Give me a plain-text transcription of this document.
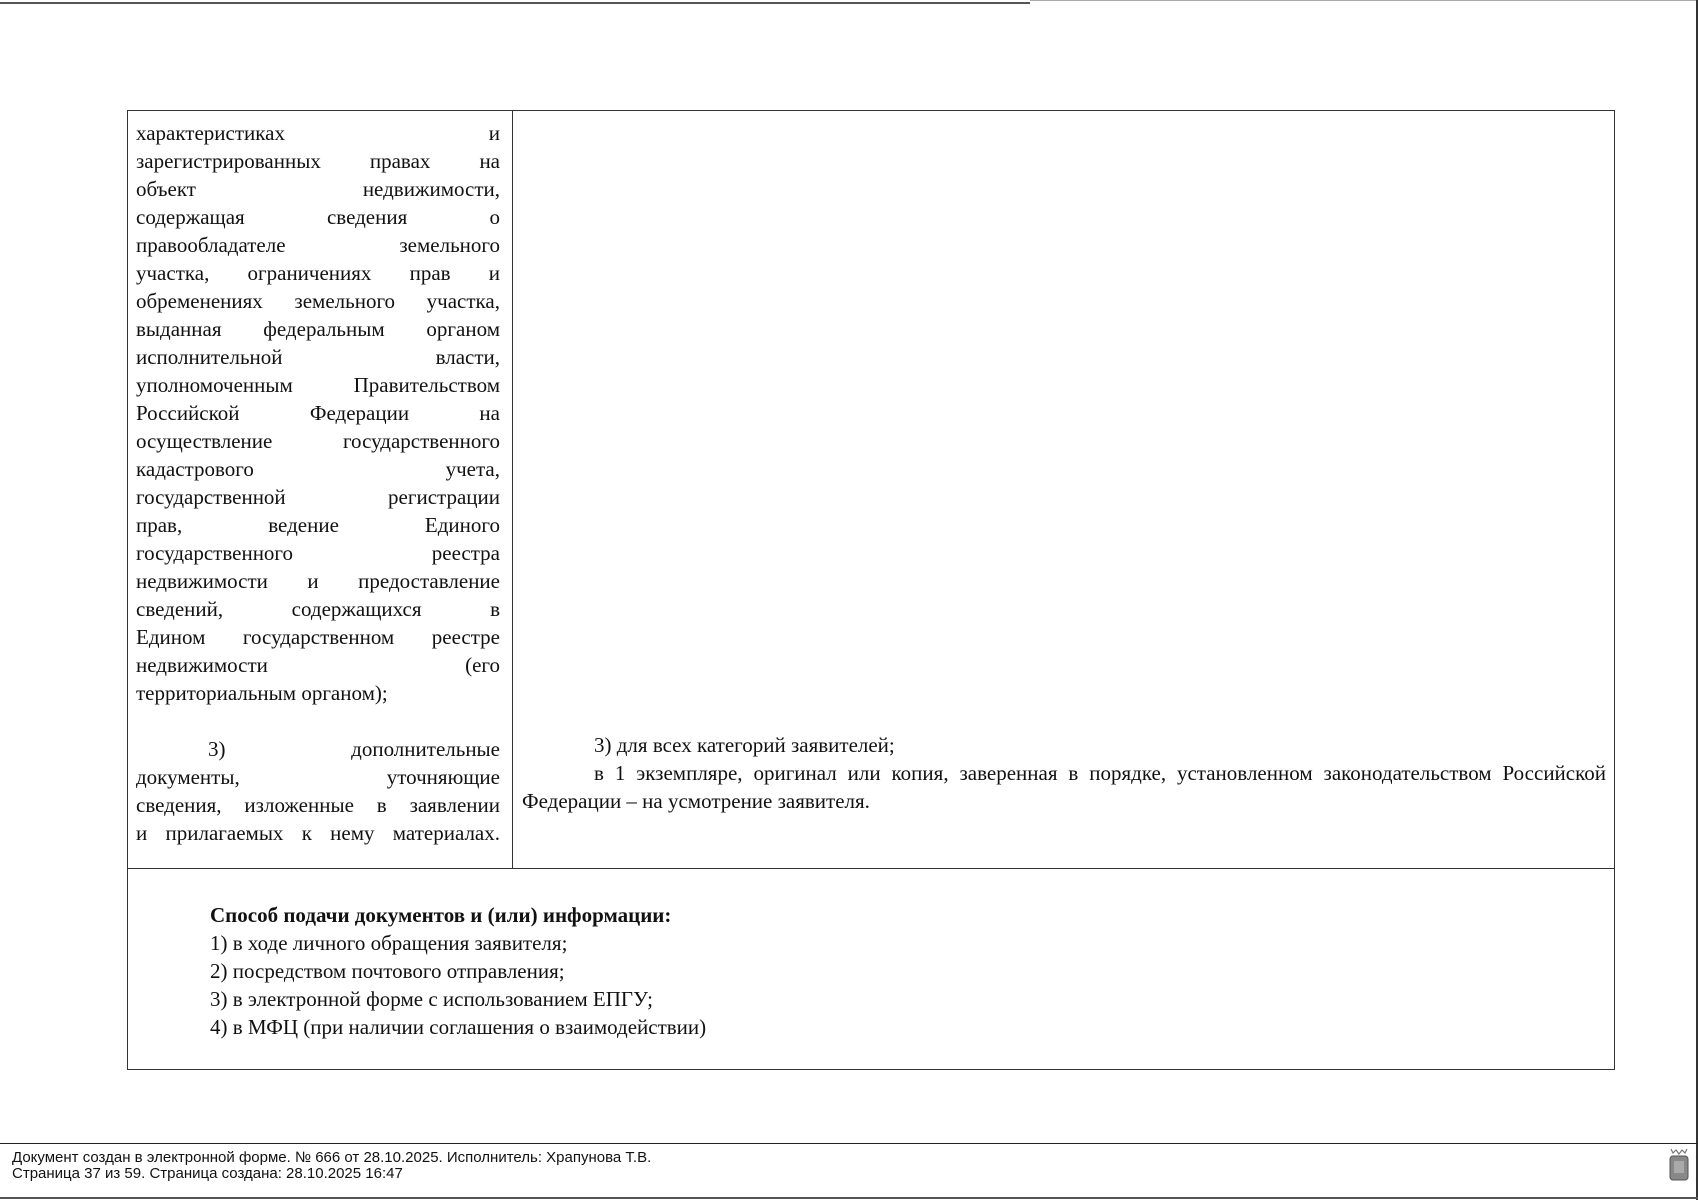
характеристиках и

зарегистрированных правах на

объект недвижимости,

содержащая сведения о

правообладателе земельного

участка, ограничениях прав и

обременениях земельного участка,

выданная федеральным органом

исполнительной власти,

уполномоченным Правительством

Российской Федерации на

осуществление государственного

кадастрового учета,

государственной регистрации

прав, ведение Единого

государственного реестра

недвижимости и предоставление

сведений, содержащихся в

Едином государственном реестре

недвижимости (его

территориальным органом);

3) дополнительные

документы, уточняющие

сведения, изложенные в заявлении

и прилагаемых к нему материалах.

3) для всех категорий заявителей;

в 1 экземпляре, оригинал или копия, заверенная в порядке, установленном законодательством Российской Федерации – на усмотрение заявителя.

Способ подачи документов и (или) информации:

1) в ходе личного обращения заявителя;

2) посредством почтового отправления;

3) в электронной форме с использованием ЕПГУ;

4) в МФЦ (при наличии соглашения о взаимодействии)

Документ создан в электронной форме. № 666 от 28.10.2025. Исполнитель: Храпунова Т.В.

Страница 37 из 59. Страница создана: 28.10.2025 16:47
